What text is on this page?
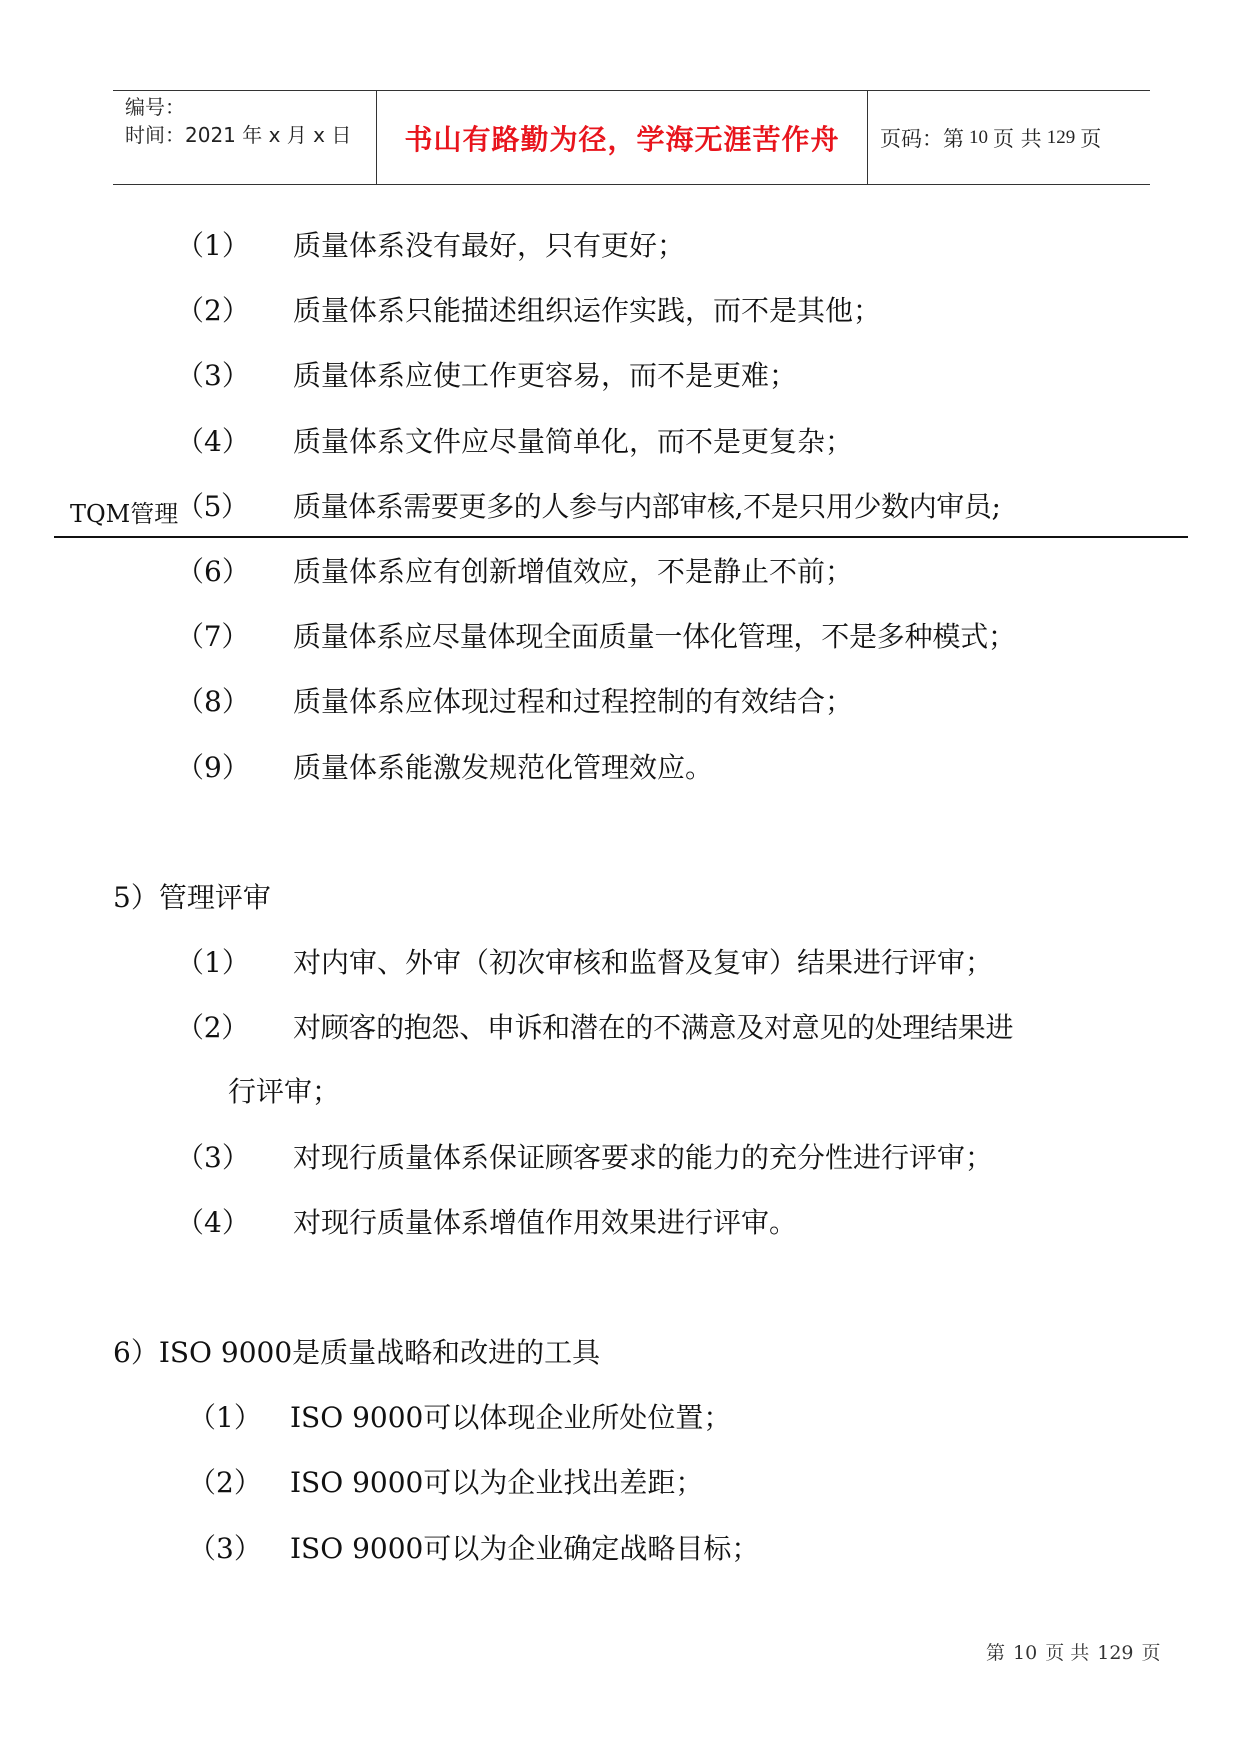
编号：
时间：2021 年 x 月 x 日	书山有路勤为径，学海无涯苦作舟	页码：第 10 页 共 129 页
（1） 质量体系没有最好，只有更好；
（2） 质量体系只能描述组织运作实践，而不是其他；
（3） 质量体系应使工作更容易，而不是更难；
（4） 质量体系文件应尽量简单化，而不是更复杂；
TQM管理
（5） 质量体系需要更多的人参与内部审核,不是只用少数内审员;
（6） 质量体系应有创新增值效应，不是静止不前；
（7） 质量体系应尽量体现全面质量一体化管理，不是多种模式；
（8） 质量体系应体现过程和过程控制的有效结合；
（9） 质量体系能激发规范化管理效应。
5）管理评审
（1） 对内审、外审（初次审核和监督及复审）结果进行评审；
（2） 对顾客的抱怨、申诉和潜在的不满意及对意见的处理结果进
行评审；
（3） 对现行质量体系保证顾客要求的能力的充分性进行评审；
（4） 对现行质量体系增值作用效果进行评审。
6）ISO 9000是质量战略和改进的工具
（1） ISO 9000可以体现企业所处位置；
（2） ISO 9000可以为企业找出差距；
（3） ISO 9000可以为企业确定战略目标；
第 10 页 共 129 页
